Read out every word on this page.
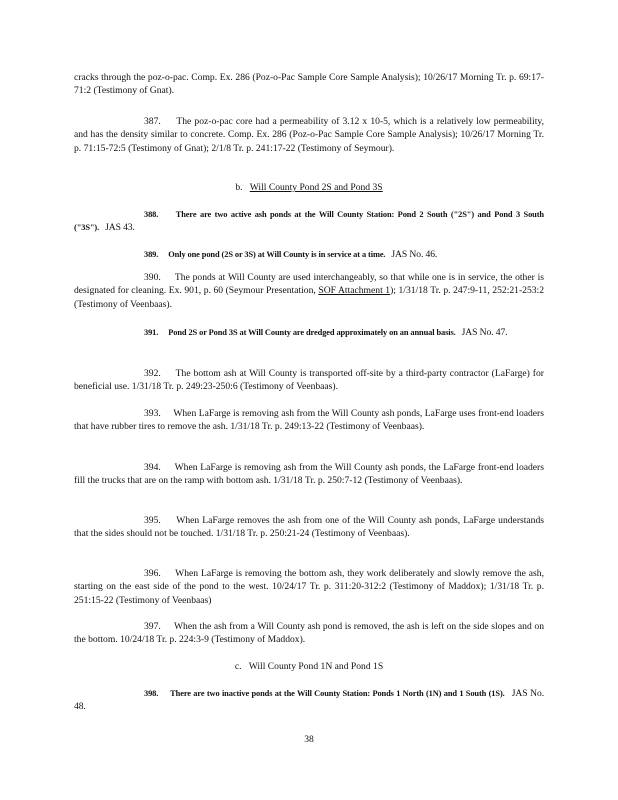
cracks through the poz-o-pac. Comp. Ex. 286 (Poz-o-Pac Sample Core Sample Analysis); 10/26/17 Morning Tr. p. 69:17-71:2 (Testimony of Gnat).

387. The poz-o-pac core had a permeability of 3.12 x 10-5, which is a relatively low permeability, and has the density similar to concrete. Comp. Ex. 286 (Poz-o-Pac Sample Core Sample Analysis); 10/26/17 Morning Tr. p. 71:15-72:5 (Testimony of Gnat); 2/1/8 Tr. p. 241:17-22 (Testimony of Seymour).

b. Will County Pond 2S and Pond 3S

388. There are two active ash ponds at the Will County Station: Pond 2 South ("2S") and Pond 3 South ("3S"). JAS 43.

389. Only one pond (2S or 3S) at Will County is in service at a time. JAS No. 46.

390. The ponds at Will County are used interchangeably, so that while one is in service, the other is designated for cleaning. Ex. 901, p. 60 (Seymour Presentation, SOF Attachment 1); 1/31/18 Tr. p. 247:9-11, 252:21-253:2 (Testimony of Veenbaas).

391. Pond 2S or Pond 3S at Will County are dredged approximately on an annual basis. JAS No. 47.

392. The bottom ash at Will County is transported off-site by a third-party contractor (LaFarge) for beneficial use. 1/31/18 Tr. p. 249:23-250:6 (Testimony of Veenbaas).

393. When LaFarge is removing ash from the Will County ash ponds, LaFarge uses front-end loaders that have rubber tires to remove the ash. 1/31/18 Tr. p. 249:13-22 (Testimony of Veenbaas).

394. When LaFarge is removing ash from the Will County ash ponds, the LaFarge front-end loaders fill the trucks that are on the ramp with bottom ash. 1/31/18 Tr. p. 250:7-12 (Testimony of Veenbaas).

395. When LaFarge removes the ash from one of the Will County ash ponds, LaFarge understands that the sides should not be touched. 1/31/18 Tr. p. 250:21-24 (Testimony of Veenbaas).

396. When LaFarge is removing the bottom ash, they work deliberately and slowly remove the ash, starting on the east side of the pond to the west. 10/24/17 Tr. p. 311:20-312:2 (Testimony of Maddox); 1/31/18 Tr. p. 251:15-22 (Testimony of Veenbaas)

397. When the ash from a Will County ash pond is removed, the ash is left on the side slopes and on the bottom. 10/24/18 Tr. p. 224:3-9 (Testimony of Maddox).

c. Will County Pond 1N and Pond 1S

398. There are two inactive ponds at the Will County Station: Ponds 1 North (1N) and 1 South (1S). JAS No. 48.

38
